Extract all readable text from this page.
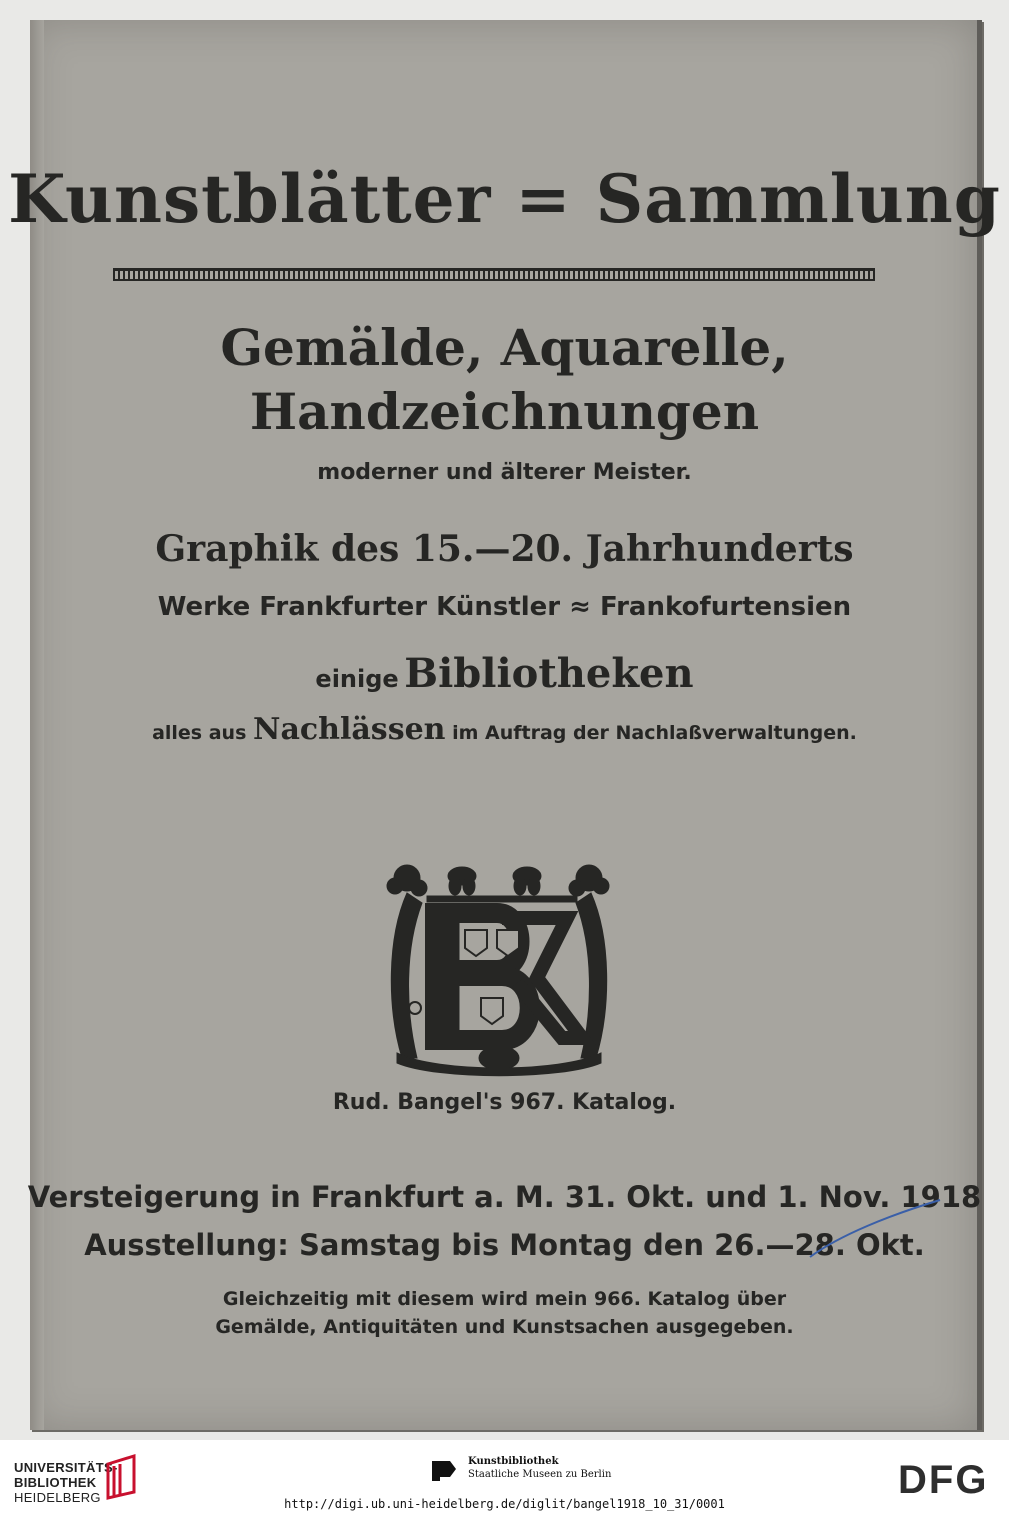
Kunstblätter = Sammlung

Gemälde, Aquarelle,

Handzeichnungen

moderner und älterer Meister.

Graphik des 15.—20. Jahrhunderts

Werke Frankfurter Künstler ≈ Frankofurtensien

einige Bibliotheken

alles aus Nachlässen im Auftrag der Nachlaßverwaltungen.

Rud. Bangel's 967. Katalog.

Versteigerung in Frankfurt a. M. 31. Okt. und 1. Nov. 1918

Ausstellung: Samstag bis Montag den 26.—28. Okt.

Gleichzeitig mit diesem wird mein 966. Katalog über

Gemälde, Antiquitäten und Kunstsachen ausgegeben.

UNIVERSITÄTS-
BIBLIOTHEK
HEIDELBERG
Kunstbibliothek
Staatliche Museen zu Berlin	DFG
http://digi.ub.uni-heidelberg.de/diglit/bangel1918_10_31/0001
